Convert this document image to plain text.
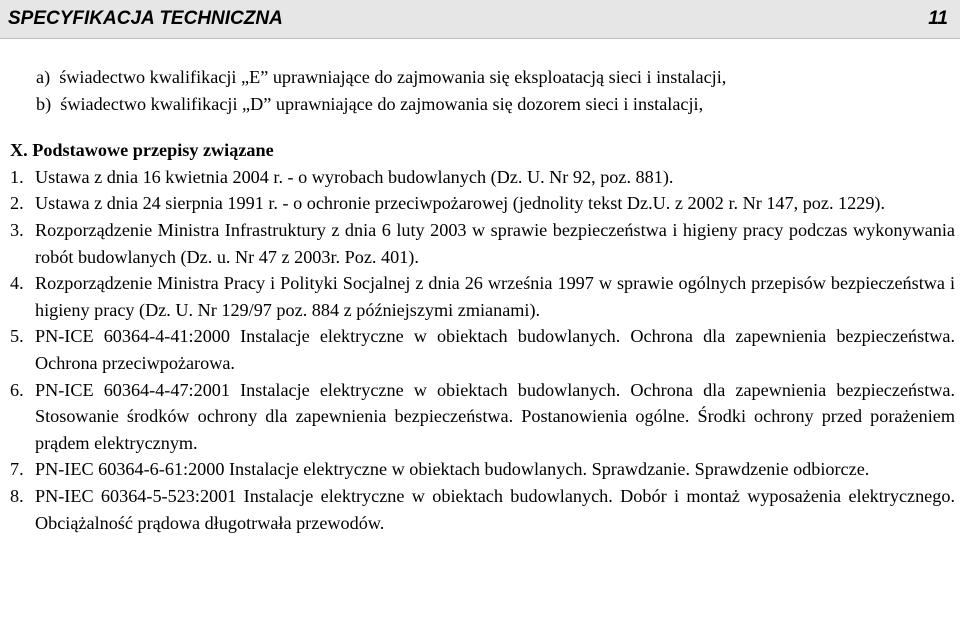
SPECYFIKACJA TECHNICZNA	11
a)  świadectwo kwalifikacji „E” uprawniające do zajmowania się eksploatacją sieci i instalacji,
b)  świadectwo kwalifikacji „D” uprawniające do zajmowania się dozorem sieci i instalacji,
X. Podstawowe przepisy związane
1. Ustawa z dnia 16 kwietnia 2004 r. - o wyrobach budowlanych (Dz. U. Nr 92, poz. 881).
2. Ustawa z dnia 24 sierpnia 1991 r. - o ochronie przeciwpożarowej (jednolity tekst Dz.U. z 2002 r. Nr 147, poz. 1229).
3. Rozporządzenie Ministra Infrastruktury z dnia 6 luty 2003 w sprawie bezpieczeństwa i higieny pracy podczas wykonywania robót budowlanych (Dz. u. Nr 47 z 2003r. Poz. 401).
4. Rozporządzenie Ministra Pracy i Polityki Socjalnej z dnia 26 września 1997 w sprawie ogólnych przepisów bezpieczeństwa i higieny pracy (Dz. U. Nr 129/97 poz. 884 z późniejszymi zmianami).
5. PN-ICE 60364-4-41:2000 Instalacje elektryczne w obiektach budowlanych. Ochrona dla zapewnienia bezpieczeństwa. Ochrona przeciwpożarowa.
6. PN-ICE 60364-4-47:2001 Instalacje elektryczne w obiektach budowlanych. Ochrona dla zapewnienia bezpieczeństwa. Stosowanie środków ochrony dla zapewnienia bezpieczeństwa. Postanowienia ogólne. Środki ochrony przed porażeniem prądem elektrycznym.
7. PN-IEC 60364-6-61:2000 Instalacje elektryczne w obiektach budowlanych. Sprawdzanie. Sprawdzenie odbiorcze.
8. PN-IEC 60364-5-523:2001 Instalacje elektryczne w obiektach budowlanych. Dobór i montaż wyposażenia elektrycznego. Obciążalność prądowa długotrwała przewodów.
